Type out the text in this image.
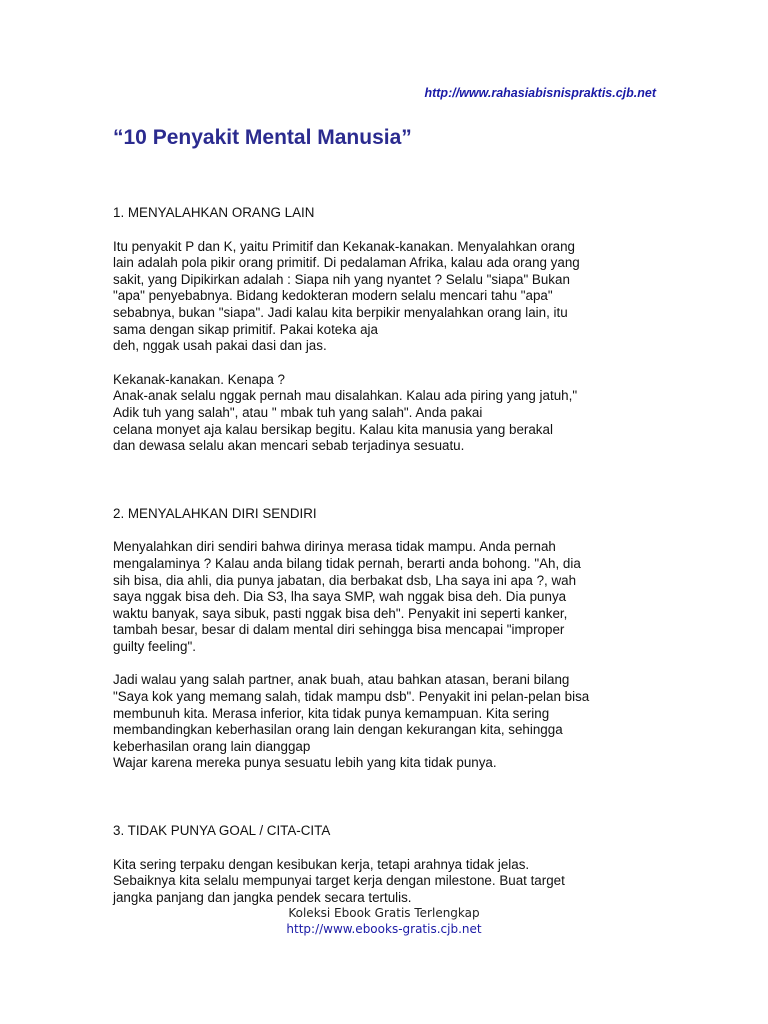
http://www.rahasiabisnispraktis.cjb.net
“10 Penyakit Mental Manusia”

1. MENYALAHKAN ORANG LAIN

Itu penyakit P dan K, yaitu Primitif dan Kekanak-kanakan. Menyalahkan orang
lain adalah pola pikir orang primitif. Di pedalaman Afrika, kalau ada orang yang
sakit, yang Dipikirkan adalah : Siapa nih yang nyantet ? Selalu "siapa" Bukan
"apa" penyebabnya. Bidang kedokteran modern selalu mencari tahu "apa"
sebabnya, bukan "siapa". Jadi kalau kita berpikir menyalahkan orang lain, itu
sama dengan sikap primitif. Pakai koteka aja
deh, nggak usah pakai dasi dan jas.

Kekanak-kanakan. Kenapa ?
Anak-anak selalu nggak pernah mau disalahkan. Kalau ada piring yang jatuh,"
Adik tuh yang salah", atau " mbak tuh yang salah". Anda pakai
celana monyet aja kalau bersikap begitu. Kalau kita manusia yang berakal
dan dewasa selalu akan mencari sebab terjadinya sesuatu.

2. MENYALAHKAN DIRI SENDIRI

Menyalahkan diri sendiri bahwa dirinya merasa tidak mampu. Anda pernah
mengalaminya ? Kalau anda bilang tidak pernah, berarti anda bohong. "Ah, dia
sih bisa, dia ahli, dia punya jabatan, dia berbakat dsb, Lha saya ini apa ?, wah
saya nggak bisa deh. Dia S3, lha saya SMP, wah nggak bisa deh. Dia punya
waktu banyak, saya sibuk, pasti nggak bisa deh". Penyakit ini seperti kanker,
tambah besar, besar di dalam mental diri sehingga bisa mencapai "improper
guilty feeling".

Jadi walau yang salah partner, anak buah, atau bahkan atasan, berani bilang
"Saya kok yang memang salah, tidak mampu dsb". Penyakit ini pelan-pelan bisa
membunuh kita. Merasa inferior, kita tidak punya kemampuan. Kita sering
membandingkan keberhasilan orang lain dengan kekurangan kita, sehingga
keberhasilan orang lain dianggap
Wajar karena mereka punya sesuatu lebih yang kita tidak punya.

3. TIDAK PUNYA GOAL / CITA-CITA

Kita sering terpaku dengan kesibukan kerja, tetapi arahnya tidak jelas.
Sebaiknya kita selalu mempunyai target kerja dengan milestone. Buat target
jangka panjang dan jangka pendek secara tertulis.

Koleksi Ebook Gratis Terlengkap
http://www.ebooks-gratis.cjb.net
